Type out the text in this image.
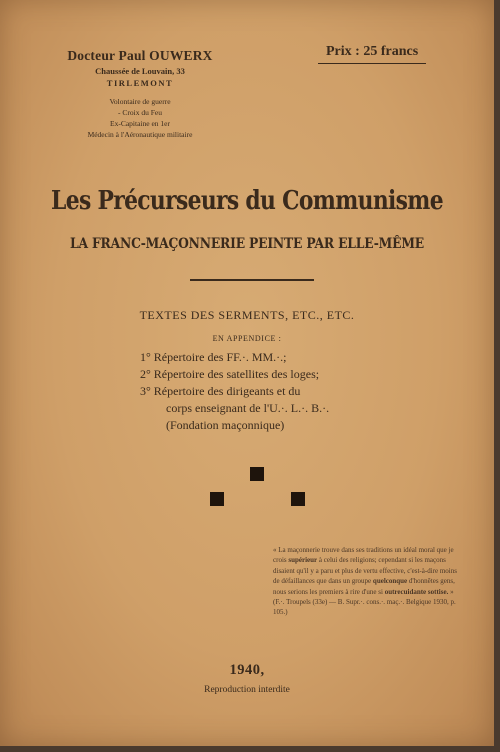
Docteur Paul OUWERX
Chaussée de Louvain, 33
TIRLEMONT
Volontaire de guerre
- Croix du Feu
Ex-Capitaine en 1er
Médecin à l'Aéronautique militaire
Prix : 25 francs
Les Précurseurs du Communisme
LA FRANC-MAÇONNERIE PEINTE PAR ELLE-MÊME
TEXTES DES SERMENTS, ETC., ETC.
EN APPENDICE :
1° Répertoire des FF.·. MM.·.;
2° Répertoire des satellites des loges;
3° Répertoire des dirigeants et du
corps enseignant de l'U.·. L.·. B.·.
(Fondation maçonnique)
« La maçonnerie trouve dans ses traditions un idéal moral que je crois supérieur à celui des religions; cependant si les maçons disaient qu'il y a paru et plus de vertu effective, c'est-à-dire moins de défaillances que dans un groupe quelconque d'honnêtes gens, nous serions les premiers à rire d'une si outrecuidante sottise. » (F.·. Troupels (33e) — B. Supr.·. cons.·. maç.·. Belgique 1930, p. 105.)
1940,
Reproduction interdite
